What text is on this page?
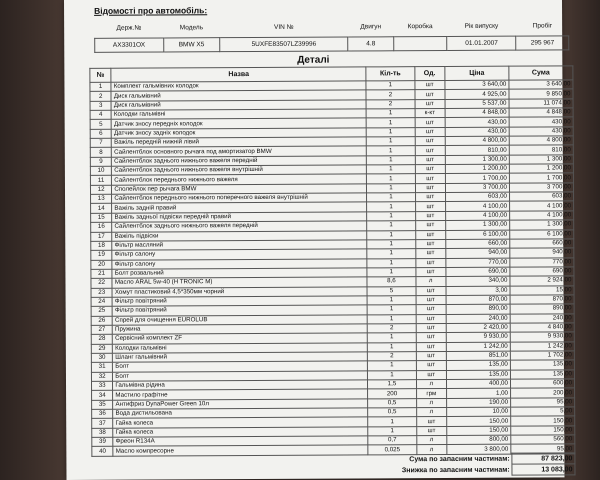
Відомості про автомобіль:
Держ.№	Модель	VIN №	Двигун	Коробка	Рік випуску	Пробіг
АХ3301ОХ	BMW X5	5UXFE83507LZ39996	4.8		01.01.2007	295 967
Деталі
№	Назва	Кіл-ть	Од.	Ціна	Сума
1	Комплект гальмівних колодок	1	шт	3 640,00	3 640,00
2	Диск гальмівний	2	шт	4 925,00	9 850,00
3	Диск гальмівний	2	шт	5 537,00	11 074,00
4	Колодки гальмівні	1	к-кт	4 848,00	4 848,00
5	Датчик зносу передніх колодок	1	шт	430,00	430,00
6	Датчик зносу задніх колодок	1	шт	430,00	430,00
7	Важіль передній нижній лівий	1	шт	4 800,00	4 800,00
8	Сайлентблок основного рычага под амортизатор BMW	1	шт	810,00	810,00
9	Сайлентблок заднього нижнього важеля передній	1	шт	1 300,00	1 300,00
10	Сайлентблок заднього нижнього важеля внутрішній	1	шт	1 200,00	1 200,00
11	Сайлентблок переднього нижнього важеля	1	шт	1 700,00	1 700,00
12	Сполейлок пер рычага BMW	1	шт	3 700,00	3 700,00
13	Сайлентблок переднього нижнього поперечного важеля внутрішній	1	шт	603,00	603,00
14	Важіль задній правий	1	шт	4 100,00	4 100,00
15	Важіль задньої підвіски передній правий	1	шт	4 100,00	4 100,00
16	Сайлентблок заднього нижнього важеля передній	1	шт	1 300,00	1 300,00
17	Важіль підвіски	1	шт	6 100,00	6 100,00
18	Фільтр масляний	1	шт	660,00	660,00
19	Фільтр салону	1	шт	940,00	940,00
20	Фільтр салону	1	шт	770,00	770,00
21	Болт розвальний	1	шт	690,00	690,00
22	Масло ARAL 5w-40 (H TRONIC M)	8,6	л	340,00	2 924,00
23	Хомут пластиковий 4,5*350мм чорний	5	шт	3,00	15,00
24	Фільтр повітряний	1	шт	870,00	870,00
25	Фільтр повітряний	1	шт	890,00	890,00
26	Спрей для очищення EUROLUB	1	шт	240,00	240,00
27	Пружина	2	шт	2 420,00	4 840,00
28	Сервісний комплект ZF	1	шт	9 930,00	9 930,00
29	Колодки гальмівні	1	шт	1 242,00	1 242,00
30	Шланг гальмівний	2	шт	851,00	1 702,00
31	Болт	1	шт	135,00	135,00
32	Болт	1	шт	135,00	135,00
33	Гальмівна рідина	1,5	л	400,00	600,00
34	Мастило графітне	200	грм	1,00	200,00
35	Антифриз DynaPower Green 10л	0,5	л	190,00	95,00
36	Вода дистильована	0,5	л	10,00	5,00
37	Гайка колеса	1	шт	150,00	150,00
38	Гайка колеса	1	шт	150,00	150,00
39	Фреон R134A	0,7	л	800,00	560,00
40	Масло компресорне	0,025	л	3 800,00	95,00
Сума по запасним частинам:	87 823,00
Знижка по запасним частинам:	13 083,00
